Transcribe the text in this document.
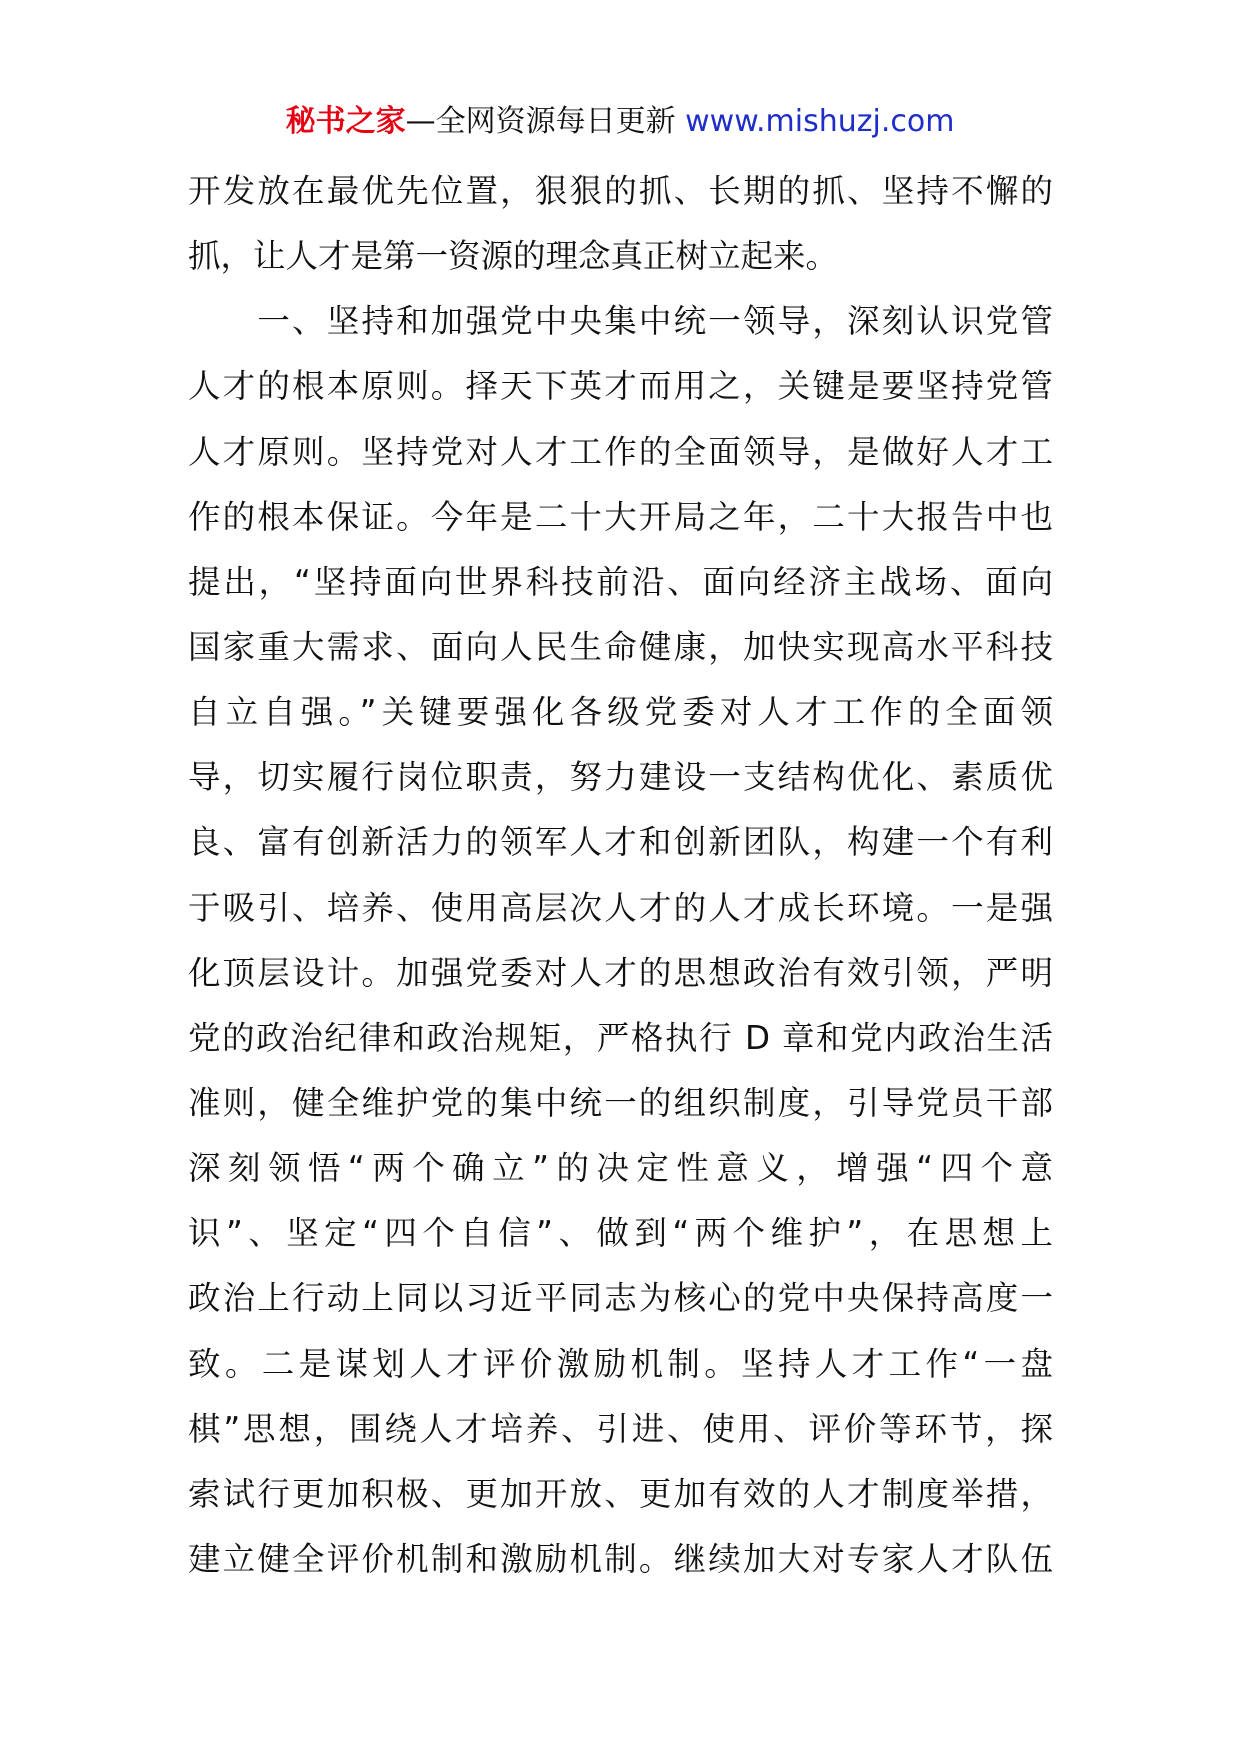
秘书之家—全网资源每日更新 www.mishuzj.com
开发放在最优先位置，狠狠的抓、长期的抓、坚持不懈的
抓，让人才是第一资源的理念真正树立起来。
　　一、坚持和加强党中央集中统一领导，深刻认识党管
人才的根本原则。择天下英才而用之，关键是要坚持党管
人才原则。坚持党对人才工作的全面领导，是做好人才工
作的根本保证。今年是二十大开局之年，二十大报告中也
提出，“坚持面向世界科技前沿、面向经济主战场、面向
国家重大需求、面向人民生命健康，加快实现高水平科技
自立自强。”关键要强化各级党委对人才工作的全面领
导，切实履行岗位职责，努力建设一支结构优化、素质优
良、富有创新活力的领军人才和创新团队，构建一个有利
于吸引、培养、使用高层次人才的人才成长环境。一是强
化顶层设计。加强党委对人才的思想政治有效引领，严明
党的政治纪律和政治规矩，严格执行 D 章和党内政治生活
准则，健全维护党的集中统一的组织制度，引导党员干部
深刻领悟“两个确立”的决定性意义，增强“四个意
识”、坚定“四个自信”、做到“两个维护”，在思想上
政治上行动上同以习近平同志为核心的党中央保持高度一
致。二是谋划人才评价激励机制。坚持人才工作“一盘
棋”思想，围绕人才培养、引进、使用、评价等环节，探
索试行更加积极、更加开放、更加有效的人才制度举措，
建立健全评价机制和激励机制。继续加大对专家人才队伍
